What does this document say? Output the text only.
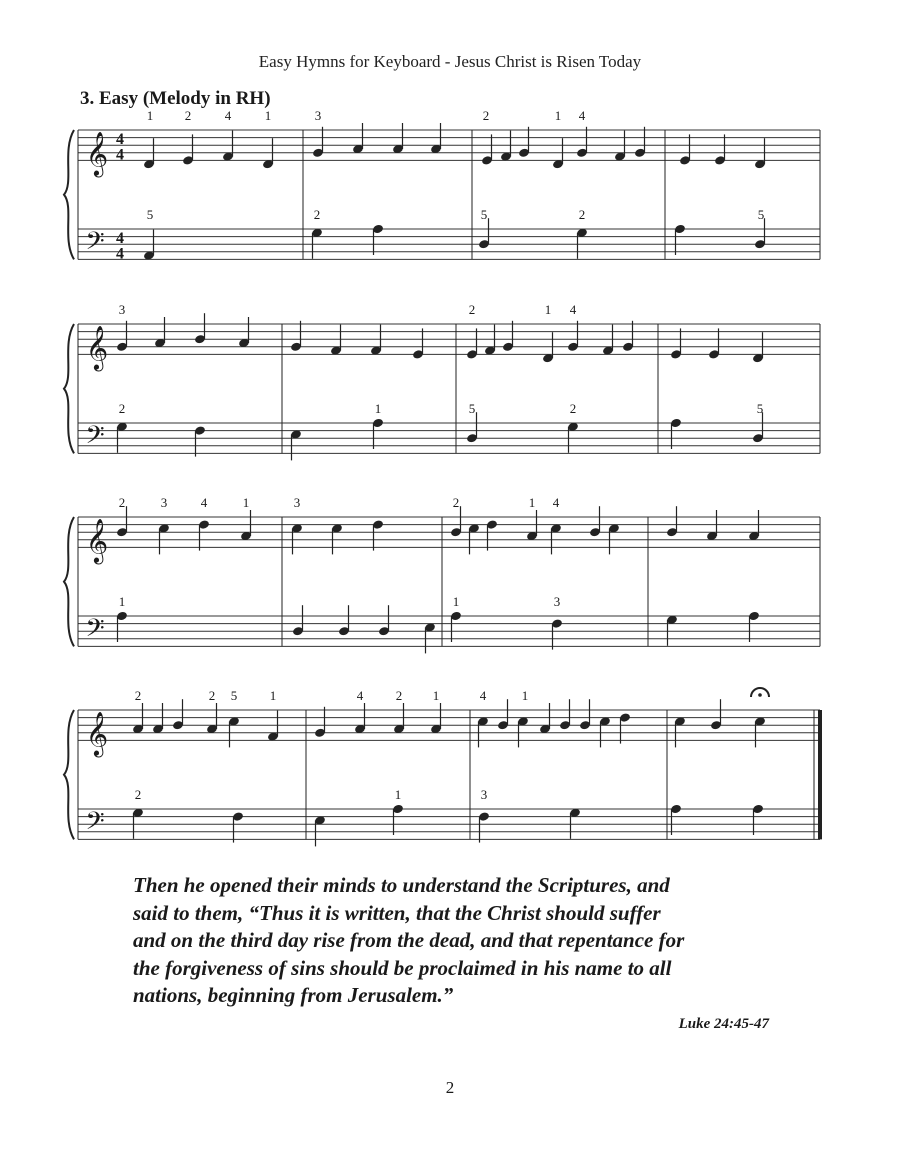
Easy Hymns for Keyboard - Jesus Christ is Risen Today
3. Easy (Melody in RH)
𝄞
𝄢
4
4
4
4
1 2	4	1	3	2	1 4
5	2	5	2	5
𝄞
𝄢
3	2	1 4
2	1	5	2	5
𝄞
𝄢
2	3	4	1	3	2	1 4
1	1	3
𝄞
𝄢
2	2 5	1	4	2 1	4	1
2	1	3
Then he opened their minds to understand the Scriptures, and
said to them, “Thus it is written, that the Christ should suffer
and on the third day rise from the dead, and that repentance for
the forgiveness of sins should be proclaimed in his name to all
nations, beginning from Jerusalem.”
Luke 24:45-47
2
